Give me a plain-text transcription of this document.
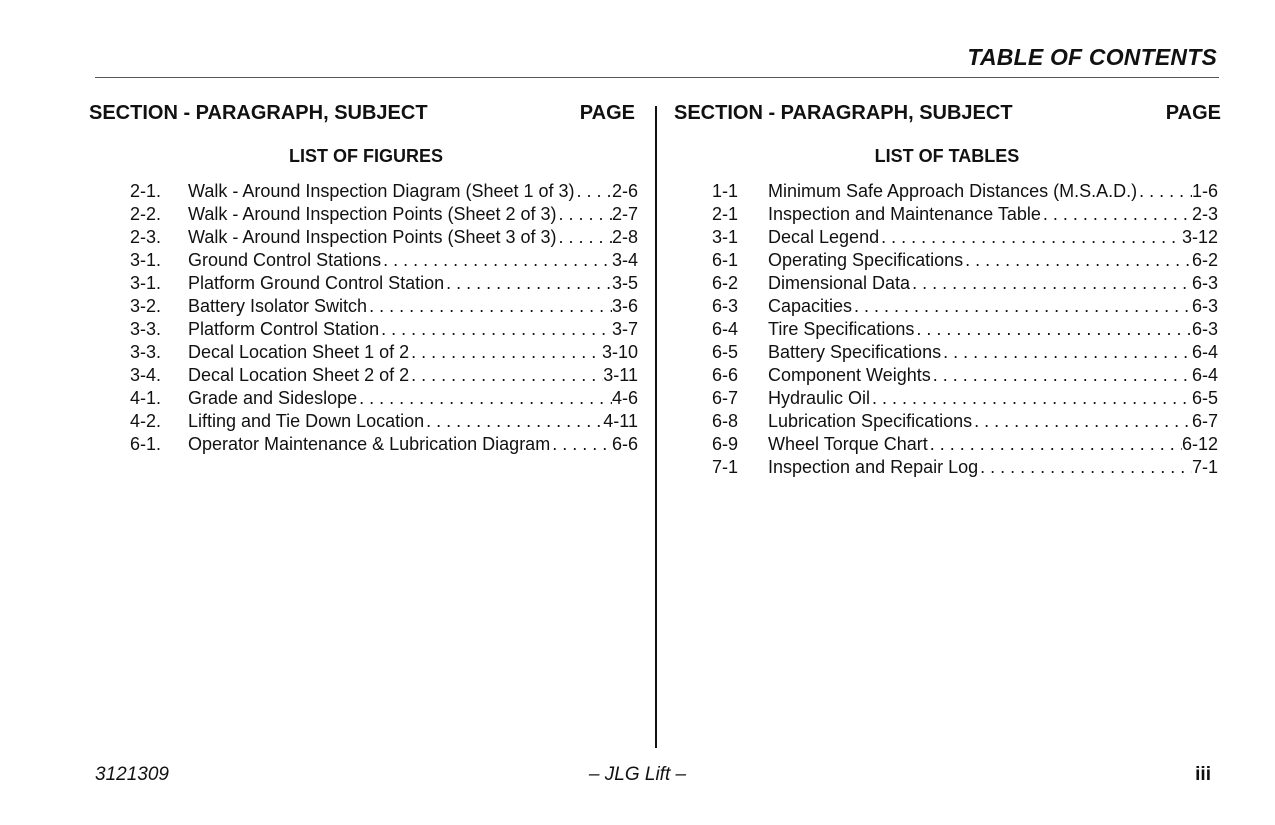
TABLE OF CONTENTS
SECTION - PARAGRAPH, SUBJECT	PAGE
LIST OF FIGURES
2-1.	Walk - Around Inspection Diagram (Sheet 1 of 3) . . . 2-6
2-2.	Walk - Around Inspection Points (Sheet 2 of 3) . . .	2-7
2-3.	Walk - Around Inspection Points (Sheet 3 of 3) . . .	2-8
3-1.	Ground Control Stations . . .	3-4
3-1.	Platform Ground Control Station . . .	3-5
3-2.	Battery Isolator Switch . . .	3-6
3-3.	Platform Control Station . . .	3-7
3-3.	Decal Location Sheet 1 of 2 . . .	3-10
3-4.	Decal Location Sheet 2 of 2 . . .	3-11
4-1.	Grade and Sideslope . . .	4-6
4-2.	Lifting and Tie Down Location . . .	4-11
6-1.	Operator Maintenance & Lubrication Diagram . . .	6-6
SECTION - PARAGRAPH, SUBJECT	PAGE
LIST OF TABLES
1-1	Minimum Safe Approach Distances (M.S.A.D.) . . .	1-6
2-1	Inspection and Maintenance Table . . .	2-3
3-1	Decal Legend . . .	3-12
6-1	Operating Specifications . . .	6-2
6-2	Dimensional Data . . .	6-3
6-3	Capacities . . .	6-3
6-4	Tire Specifications . . .	6-3
6-5	Battery Specifications . . .	6-4
6-6	Component Weights . . .	6-4
6-7	Hydraulic Oil . . .	6-5
6-8	Lubrication Specifications . . .	6-7
6-9	Wheel Torque Chart . . .	6-12
7-1	Inspection and Repair Log . . .	7-1
3121309	– JLG Lift –	iii
